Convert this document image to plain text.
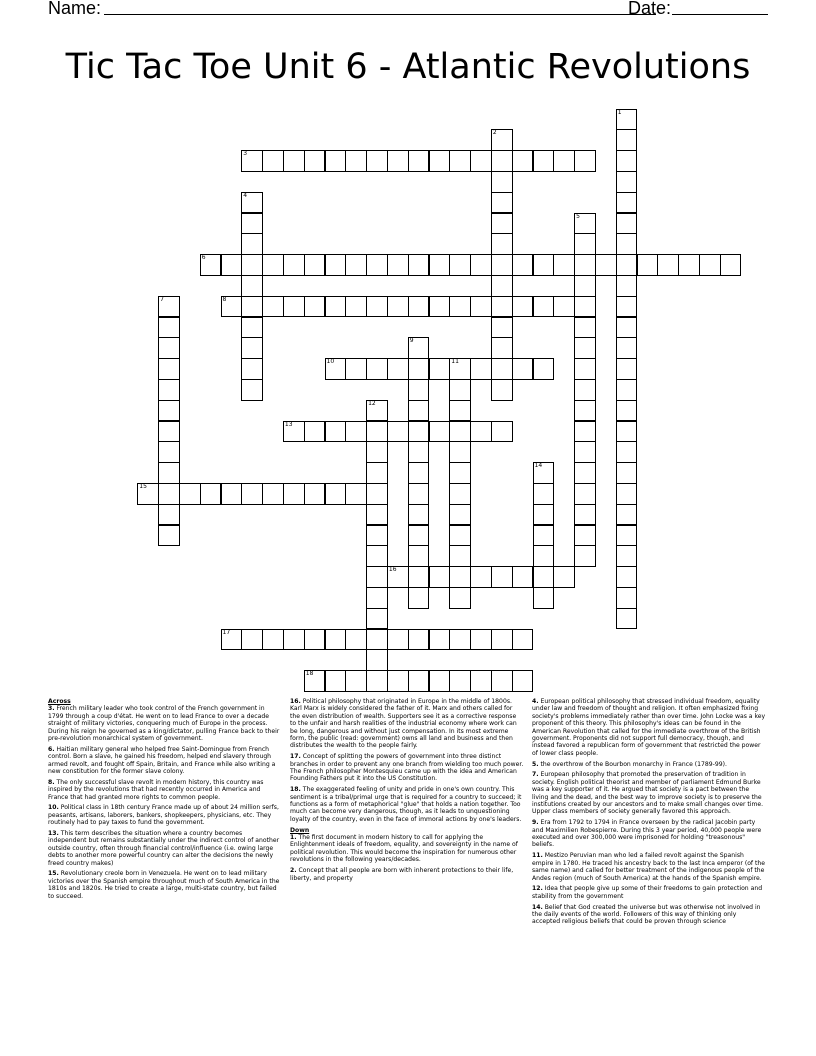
Name:	Date:
Tic Tac Toe Unit 6 - Atlantic Revolutions
1
2
3
4
5
6
7	8
9
10	11
12
13
14
15
16
17
18
Across
3. French military leader who took control of the French government in 1799 through a coup d'état. He went on to lead France to over a decade straight of military victories, conquering much of Europe in the process. During his reign he governed as a king/dictator, pulling France back to their pre-revolution monarchical system of government.
6. Haitian military general who helped free Saint-Domingue from French control. Born a slave, he gained his freedom, helped end slavery through armed revolt, and fought off Spain, Britain, and France while also writing a new constitution for the former slave colony.
8. The only successful slave revolt in modern history, this country was inspired by the revolutions that had recently occurred in America and France that had granted more rights to common people.
10. Political class in 18th century France made up of about 24 million serfs, peasants, artisans, laborers, bankers, shopkeepers, physicians, etc. They routinely had to pay taxes to fund the government.
13. This term describes the situation where a country becomes independent but remains substantially under the indirect control of another outside country, often through financial control/influence (i.e. owing large debts to another more powerful country can alter the decisions the newly freed country makes)
15. Revolutionary creole born in Venezuela. He went on to lead military victories over the Spanish empire throughout much of South America in the 1810s and 1820s. He tried to create a large, multi-state country, but failed to succeed.
16. Political philosophy that originated in Europe in the middle of 1800s. Karl Marx is widely considered the father of it. Marx and others called for the even distribution of wealth. Supporters see it as a corrective response to the unfair and harsh realities of the industrial economy where work can be long, dangerous and without just compensation. In its most extreme form, the public (read: government) owns all land and business and then distributes the wealth to the people fairly.
17. Concept of splitting the powers of government into three distinct branches in order to prevent any one branch from wielding too much power. The French philosopher Montesquieu came up with the idea and American Founding Fathers put it into the US Constitution.
18. The exaggerated feeling of unity and pride in one's own country. This sentiment is a tribal/primal urge that is required for a country to succeed; it functions as a form of metaphorical "glue" that holds a nation together. Too much can become very dangerous, though, as it leads to unquestioning loyalty of the country, even in the face of immoral actions by one's leaders.
Down
1. The first document in modern history to call for applying the Enlightenment ideals of freedom, equality, and sovereignty in the name of political revolution. This would become the inspiration for numerous other revolutions in the following years/decades.
2. Concept that all people are born with inherent protections to their life, liberty, and property
4. European political philosophy that stressed individual freedom, equality under law and freedom of thought and religion. It often emphasized fixing society's problems immediately rather than over time. John Locke was a key proponent of this theory. This philosophy's ideas can be found in the American Revolution that called for the immediate overthrow of the British government. Proponents did not support full democracy, though, and instead favored a republican form of government that restricted the power of lower class people.
5. the overthrow of the Bourbon monarchy in France (1789-99).
7. European philosophy that promoted the preservation of tradition in society. English political theorist and member of parliament Edmund Burke was a key supporter of it. He argued that society is a pact between the living and the dead, and the best way to improve society is to preserve the institutions created by our ancestors and to make small changes over time. Upper class members of society generally favored this approach.
9. Era from 1792 to 1794 in France overseen by the radical Jacobin party and Maximilien Robespierre. During this 3 year period, 40,000 people were executed and over 300,000 were imprisoned for holding "treasonous" beliefs.
11. Mestizo Peruvian man who led a failed revolt against the Spanish empire in 1780. He traced his ancestry back to the last Inca emperor (of the same name) and called for better treatment of the indigenous people of the Andes region (much of South America) at the hands of the Spanish empire.
12. Idea that people give up some of their freedoms to gain protection and stability from the government
14. Belief that God created the universe but was otherwise not involved in the daily events of the world. Followers of this way of thinking only accepted religious beliefs that could be proven through science
